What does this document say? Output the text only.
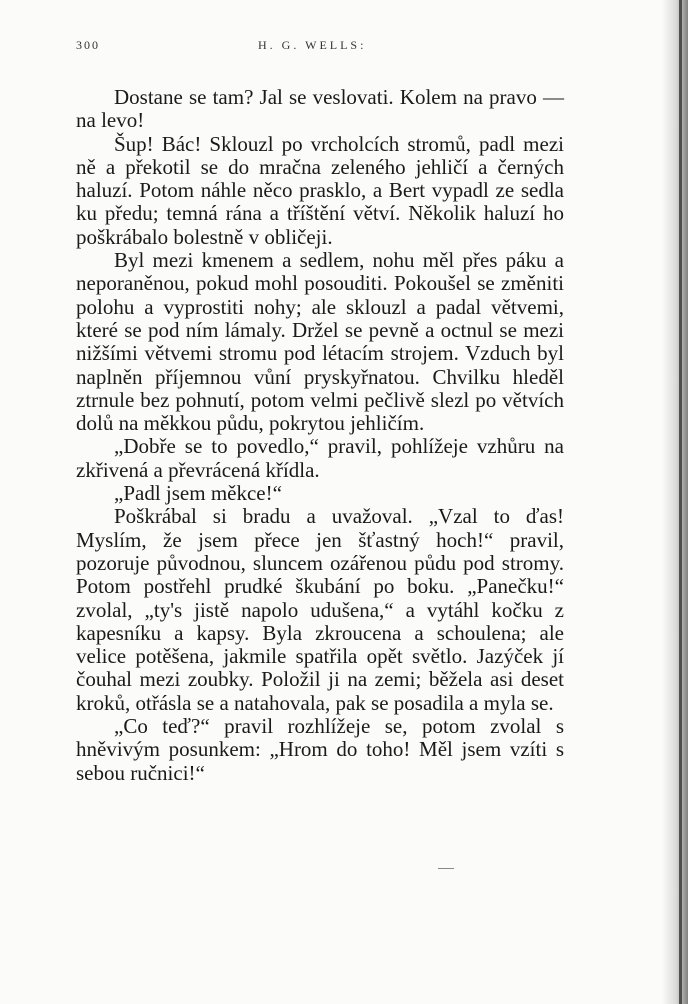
300	H. G. WELLS:

Dostane se tam? Jal se veslovati. Kolem na pravo — na levo!

Šup! Bác! Sklouzl po vrcholcích stromů, padl mezi ně a překotil se do mračna zeleného jehličí a černých haluzí. Potom náhle něco prasklo, a Bert vypadl ze sedla ku předu; temná rána a tříštění větví. Několik haluzí ho poškrábalo bolestně v obličeji.

Byl mezi kmenem a sedlem, nohu měl přes páku a neporaněnou, pokud mohl posouditi. Pokoušel se změniti polohu a vyprostiti nohy; ale sklouzl a padal větvemi, které se pod ním lámaly. Držel se pevně a octnul se mezi nižšími větvemi stromu pod létacím strojem. Vzduch byl naplněn příjemnou vůní pryskyřnatou. Chvilku hleděl ztrnule bez pohnutí, potom velmi pečlivě slezl po větvích dolů na měkkou půdu, pokrytou jehličím.

„Dobře se to povedlo,“ pravil, pohlížeje vzhůru na zkřivená a převrácená křídla.

„Padl jsem měkce!“

Poškrábal si bradu a uvažoval. „Vzal to ďas! Myslím, že jsem přece jen šťastný hoch!“ pravil, pozoruje původnou, sluncem ozářenou půdu pod stromy. Potom postřehl prudké škubání po boku. „Panečku!“ zvolal, „ty's jistě napolo udušena,“ a vytáhl kočku z kapesníku a kapsy. Byla zkroucena a schoulena; ale velice potěšena, jakmile spatřila opět světlo. Jazýček jí čouhal mezi zoubky. Položil ji na zemi; běžela asi deset kroků, otřásla se a natahovala, pak se posadila a myla se.

„Co teď?“ pravil rozhlížeje se, potom zvolal s hněvivým posunkem: „Hrom do toho! Měl jsem vzíti s sebou ručnici!“
